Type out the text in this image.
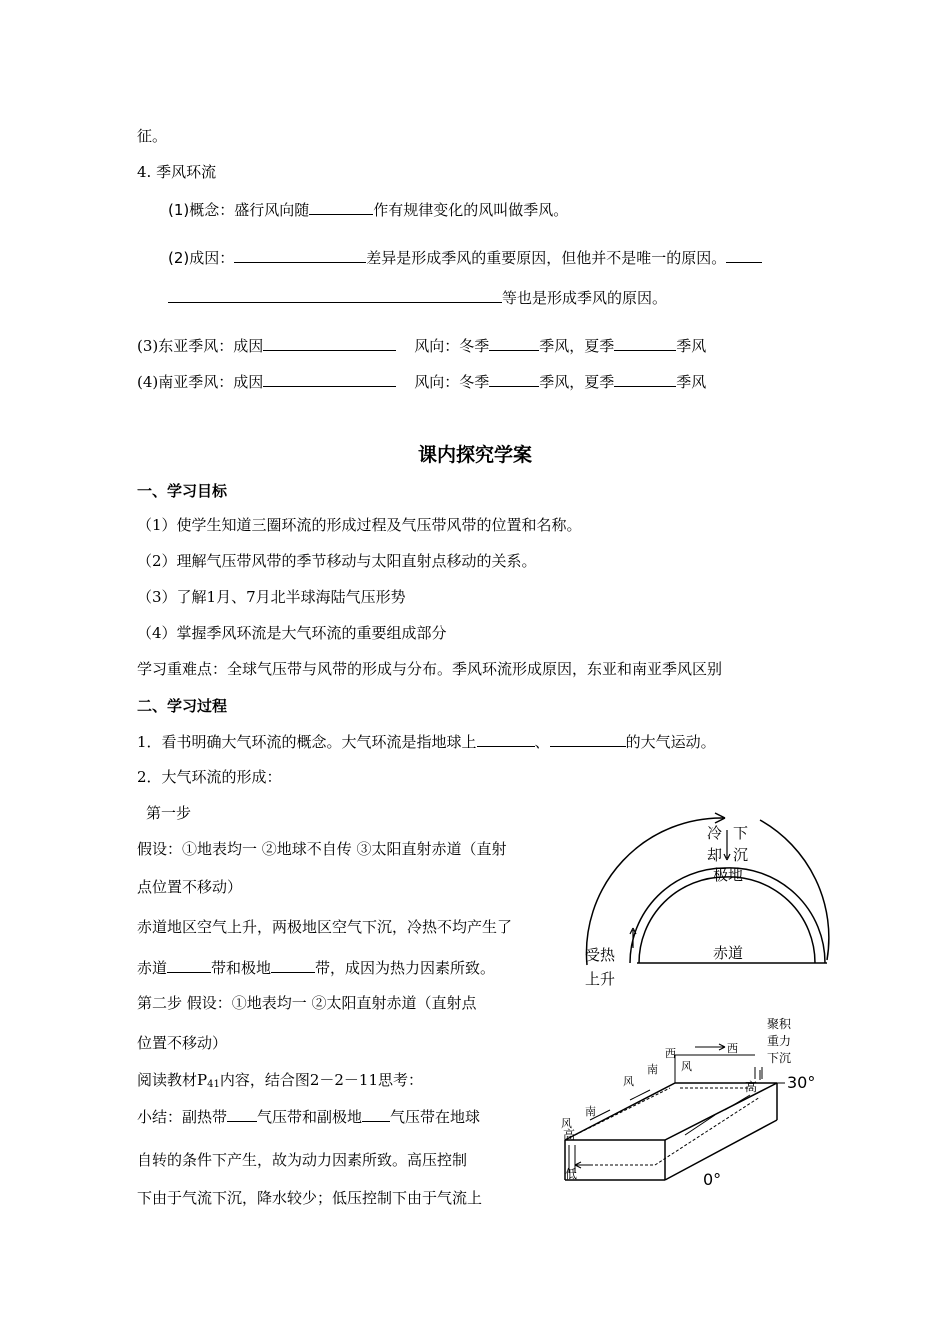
征。
4. 季风环流
(1)概念：盛行风向随	作有规律变化的风叫做季风。
(2)成因：	差异是形成季风的重要原因，但他并不是唯一的原因。
等也是形成季风的原因。
(3)东亚季风：成因	风向：冬季	季风，夏季	季风
(4)南亚季风：成因	风向：冬季	季风，夏季	季风
课内探究学案
一、学习目标
（1）使学生知道三圈环流的形成过程及气压带风带的位置和名称。
（2）理解气压带风带的季节移动与太阳直射点移动的关系。
（3）了解1月、7月北半球海陆气压形势
（4）掌握季风环流是大气环流的重要组成部分
学习重难点：全球气压带与风带的形成与分布。季风环流形成原因，东亚和南亚季风区别
二、学习过程
1．看书明确大气环流的概念。大气环流是指地球上	、	的大气运动。
2．大气环流的形成：
第一步
假设：①地表均一 ②地球不自传 ③太阳直射赤道（直射
点位置不移动）
赤道地区空气上升，两极地区空气下沉，冷热不均产生了
赤道	带和极地	带，成因为热力因素所致。
第二步 假设：①地表均一 ②太阳直射赤道（直射点
位置不移动）
阅读教材$P_{41}$内容，结合图2－2－11思考：
小结：副热带 气压带和副极地 气压带在地球
自转的条件下产生，故为动力因素所致。高压控制
下由于气流下沉，降水较少；低压控制下由于气流上
冷
却
下
沉
极地
受热
上升
赤道
聚积
重力
下沉
30°
0°
西	西
风
南
风
南
风
高
高
低
